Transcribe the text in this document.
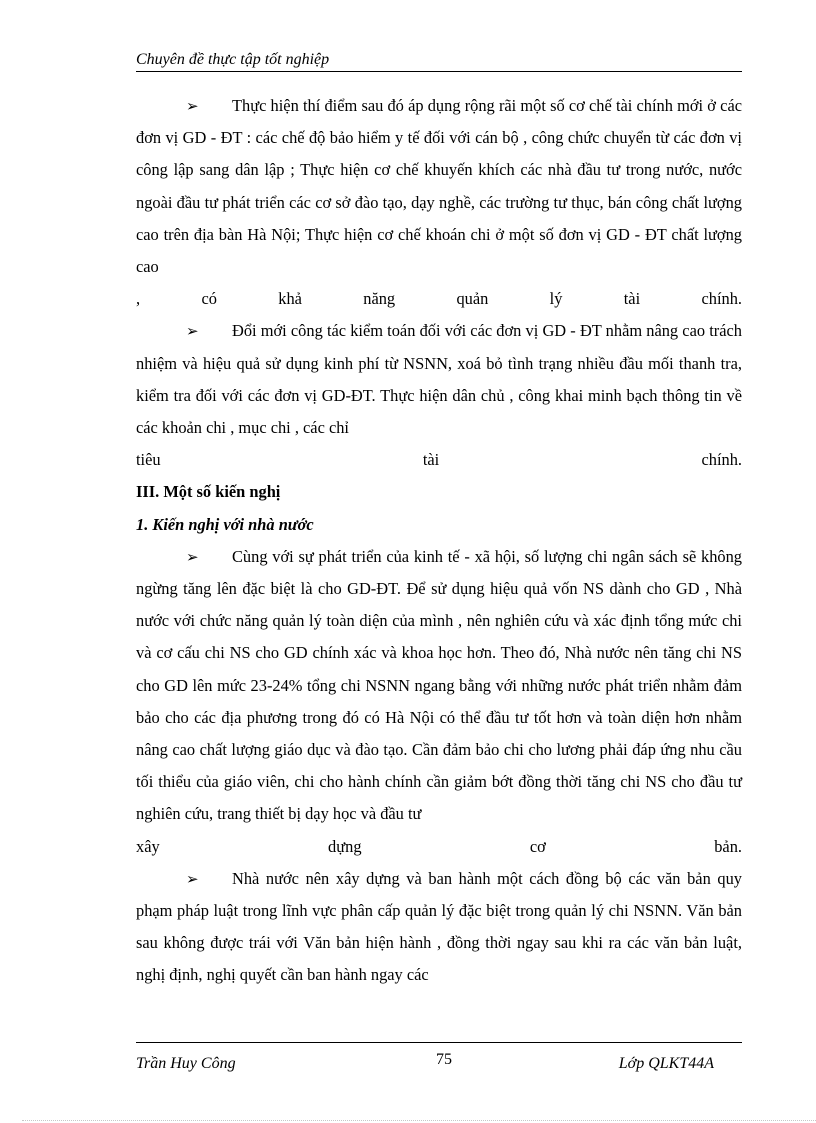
Chuyên đề thực tập tốt nghiệp

➢ Thực hiện thí điểm sau đó áp dụng rộng rãi một số cơ chế tài chính mới ở các đơn vị GD - ĐT : các chế độ bảo hiểm y tế đối với cán bộ , công chức chuyển từ các đơn vị công lập sang dân lập ; Thực hiện cơ chế khuyến khích các nhà đầu tư trong nước, nước ngoài đầu tư phát triển các cơ sở đào tạo, dạy nghề, các trường tư thục, bán công chất lượng cao trên địa bàn Hà Nội; Thực hiện cơ chế khoán chi ở một số đơn vị GD - ĐT chất lượng cao

, có khả năng quản lý tài chính.

➢ Đổi mới công tác kiểm toán đối với các đơn vị GD - ĐT nhằm nâng cao trách nhiệm và hiệu quả sử dụng kinh phí từ NSNN, xoá bỏ tình trạng nhiều đầu mối thanh tra, kiểm tra đối với các đơn vị GD-ĐT. Thực hiện dân chủ , công khai minh bạch thông tin về các khoản chi , mục chi , các chỉ

tiêu tài chính.

III. Một số kiến nghị

1. Kiến nghị với nhà nước

➢ Cùng với sự phát triển của kinh tế - xã hội, số lượng chi ngân sách sẽ không ngừng tăng lên đặc biệt là cho GD-ĐT. Để sử dụng hiệu quả vốn NS dành cho GD , Nhà nước với chức năng quản lý toàn diện của mình , nên nghiên cứu và xác định tổng mức chi và cơ cấu chi NS cho GD chính xác và khoa học hơn. Theo đó, Nhà nước nên tăng chi NS cho GD lên mức 23-24% tổng chi NSNN ngang bằng với những nước phát triển nhằm đảm bảo cho các địa phương trong đó có Hà Nội có thể đầu tư tốt hơn và toàn diện hơn nhằm nâng cao chất lượng giáo dục và đào tạo. Cần đảm bảo chi cho lương phải đáp ứng nhu cầu tối thiểu của giáo viên, chi cho hành chính cần giảm bớt đồng thời tăng chi NS cho đầu tư nghiên cứu, trang thiết bị dạy học và đầu tư

xây dựng cơ bản.

➢ Nhà nước nên xây dựng và ban hành một cách đồng bộ các văn bản quy phạm pháp luật trong lĩnh vực phân cấp quản lý đặc biệt trong quản lý chi NSNN. Văn bản sau không được trái với Văn bản hiện hành , đồng thời ngay sau khi ra các văn bản luật, nghị định, nghị quyết cần ban hành ngay các

Trần Huy Công	75	Lớp QLKT44A
